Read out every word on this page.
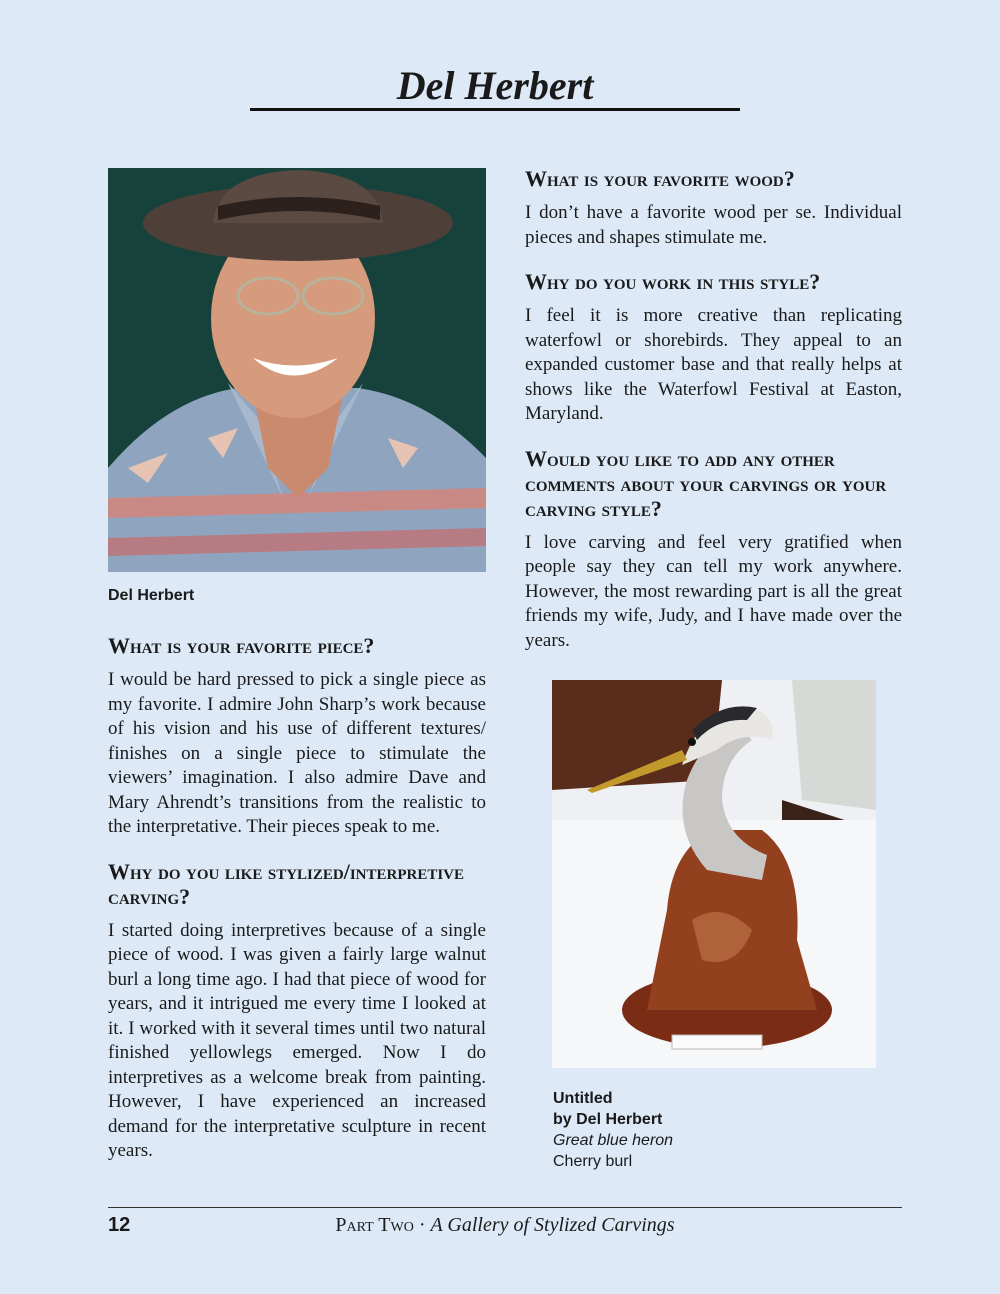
Del Herbert
Del Herbert
What is your favorite piece?
I would be hard pressed to pick a single piece as my favorite. I admire John Sharp’s work because of his vision and his use of different textures/ finishes on a single piece to stimulate the viewers’ imagination. I also admire Dave and Mary Ahrendt’s transitions from the realistic to the interpretative. Their pieces speak to me.
Why do you like stylized/interpretive carving?
I started doing interpretives because of a single piece of wood. I was given a fairly large walnut burl a long time ago. I had that piece of wood for years, and it intrigued me every time I looked at it. I worked with it several times until two natural finished yellowlegs emerged. Now I do interpretives as a welcome break from painting. However, I have experienced an increased demand for the interpretative sculpture in recent years.
What is your favorite wood?
I don’t have a favorite wood per se. Individual pieces and shapes stimulate me.
Why do you work in this style?
I feel it is more creative than replicating waterfowl or shorebirds. They appeal to an expanded customer base and that really helps at shows like the Waterfowl Festival at Easton, Maryland.
Would you like to add any other comments about your carvings or your carving style?
I love carving and feel very gratified when people say they can tell my work anywhere. However, the most rewarding part is all the great friends my wife, Judy, and I have made over the years.
Untitled
by Del Herbert
Great blue heron
Cherry burl
12	Part Two · A Gallery of Stylized Carvings
